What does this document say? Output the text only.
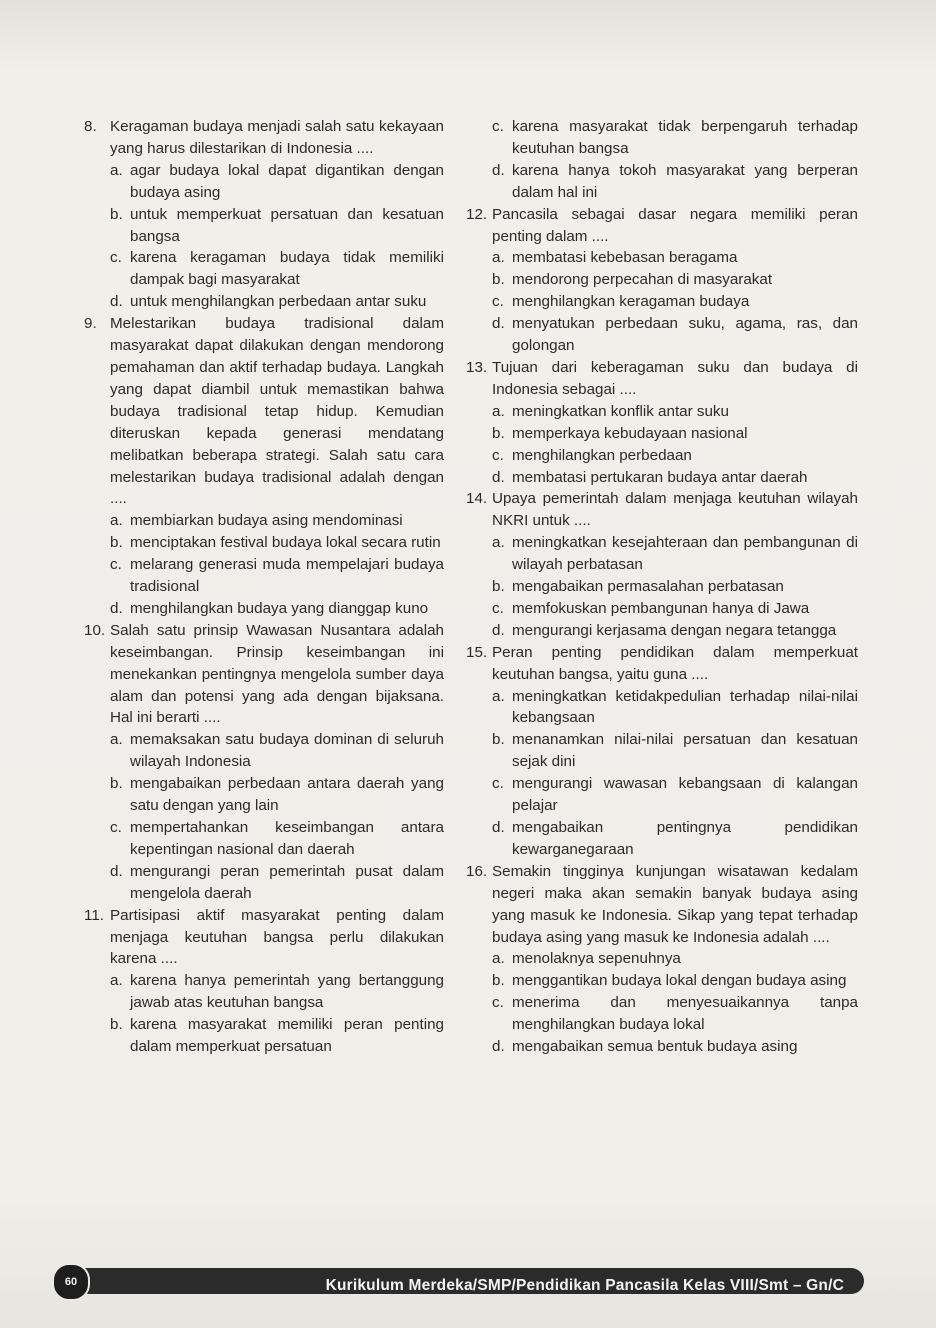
8. Keragaman budaya menjadi salah satu kekayaan yang harus dilestarikan di Indonesia ....
a. agar budaya lokal dapat digantikan dengan budaya asing
b. untuk memperkuat persatuan dan kesatuan bangsa
c. karena keragaman budaya tidak memiliki dampak bagi masyarakat
d. untuk menghilangkan perbedaan antar suku
9. Melestarikan budaya tradisional dalam masyarakat dapat dilakukan dengan mendorong pemahaman dan aktif terhadap budaya. Langkah yang dapat diambil untuk memastikan bahwa budaya tradisional tetap hidup. Kemudian diteruskan kepada generasi mendatang melibatkan beberapa strategi. Salah satu cara melestarikan budaya tradisional adalah dengan ....
a. membiarkan budaya asing mendominasi
b. menciptakan festival budaya lokal secara rutin
c. melarang generasi muda mempelajari budaya tradisional
d. menghilangkan budaya yang dianggap kuno
10. Salah satu prinsip Wawasan Nusantara adalah keseimbangan. Prinsip keseimbangan ini menekankan pentingnya mengelola sumber daya alam dan potensi yang ada dengan bijaksana. Hal ini berarti ....
a. memaksakan satu budaya dominan di seluruh wilayah Indonesia
b. mengabaikan perbedaan antara daerah yang satu dengan yang lain
c. mempertahankan keseimbangan antara kepentingan nasional dan daerah
d. mengurangi peran pemerintah pusat dalam mengelola daerah
11. Partisipasi aktif masyarakat penting dalam menjaga keutuhan bangsa perlu dilakukan karena ....
a. karena hanya pemerintah yang bertanggung jawab atas keutuhan bangsa
b. karena masyarakat memiliki peran penting dalam memperkuat persatuan
c. karena masyarakat tidak berpengaruh terhadap keutuhan bangsa
d. karena hanya tokoh masyarakat yang berperan dalam hal ini
12. Pancasila sebagai dasar negara memiliki peran penting dalam ....
a. membatasi kebebasan beragama
b. mendorong perpecahan di masyarakat
c. menghilangkan keragaman budaya
d. menyatukan perbedaan suku, agama, ras, dan golongan
13. Tujuan dari keberagaman suku dan budaya di Indonesia sebagai ....
a. meningkatkan konflik antar suku
b. memperkaya kebudayaan nasional
c. menghilangkan perbedaan
d. membatasi pertukaran budaya antar daerah
14. Upaya pemerintah dalam menjaga keutuhan wilayah NKRI untuk ....
a. meningkatkan kesejahteraan dan pembangunan di wilayah perbatasan
b. mengabaikan permasalahan perbatasan
c. memfokuskan pembangunan hanya di Jawa
d. mengurangi kerjasama dengan negara tetangga
15. Peran penting pendidikan dalam memperkuat keutuhan bangsa, yaitu guna ....
a. meningkatkan ketidakpedulian terhadap nilai-nilai kebangsaan
b. menanamkan nilai-nilai persatuan dan kesatuan sejak dini
c. mengurangi wawasan kebangsaan di kalangan pelajar
d. mengabaikan pentingnya pendidikan kewarganegaraan
16. Semakin tingginya kunjungan wisatawan kedalam negeri maka akan semakin banyak budaya asing yang masuk ke Indonesia. Sikap yang tepat terhadap budaya asing yang masuk ke Indonesia adalah ....
a. menolaknya sepenuhnya
b. menggantikan budaya lokal dengan budaya asing
c. menerima dan menyesuaikannya tanpa menghilangkan budaya lokal
d. mengabaikan semua bentuk budaya asing
Kurikulum Merdeka/SMP/Pendidikan Pancasila Kelas VIII/Smt – Gn/C
60
